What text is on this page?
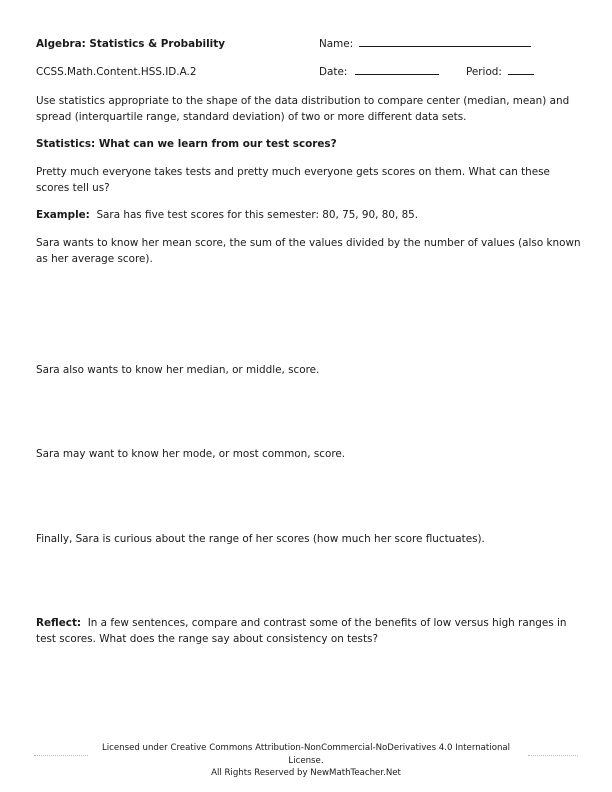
Algebra: Statistics & Probability	Name:
CCSS.Math.Content.HSS.ID.A.2	Date:	Period:
Use statistics appropriate to the shape of the data distribution to compare center (median, mean) and spread (interquartile range, standard deviation) of two or more different data sets.
Statistics: What can we learn from our test scores?
Pretty much everyone takes tests and pretty much everyone gets scores on them. What can these scores tell us?
Example: Sara has five test scores for this semester: 80, 75, 90, 80, 85.
Sara wants to know her mean score, the sum of the values divided by the number of values (also known as her average score).
Sara also wants to know her median, or middle, score.
Sara may want to know her mode, or most common, score.
Finally, Sara is curious about the range of her scores (how much her score fluctuates).
Reflect: In a few sentences, compare and contrast some of the benefits of low versus high ranges in test scores. What does the range say about consistency on tests?
Licensed under Creative Commons Attribution-NonCommercial-NoDerivatives 4.0 International
License.
All Rights Reserved by NewMathTeacher.Net
